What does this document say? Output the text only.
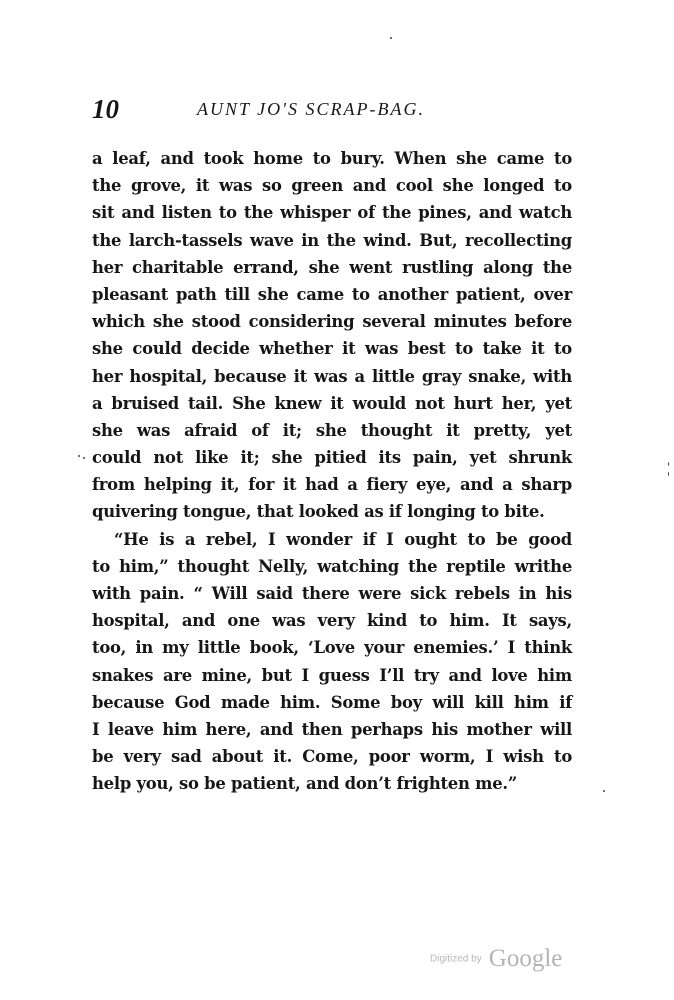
10	AUNT JO'S SCRAP-BAG.
a leaf, and took home to bury. When she came to
the grove, it was so green and cool she longed to
sit and listen to the whisper of the pines, and watch
the larch-tassels wave in the wind. But, recollecting
her charitable errand, she went rustling along the
pleasant path till she came to another patient, over
which she stood considering several minutes before
she could decide whether it was best to take it to
her hospital, because it was a little gray snake, with
a bruised tail. She knew it would not hurt her, yet
she was afraid of it; she thought it pretty, yet
could not like it; she pitied its pain, yet shrunk
from helping it, for it had a fiery eye, and a sharp
quivering tongue, that looked as if longing to bite.
“He is a rebel, I wonder if I ought to be good
to him,” thought Nelly, watching the reptile writhe
with pain. “ Will said there were sick rebels in his
hospital, and one was very kind to him. It says,
too, in my little book, ‘Love your enemies.’ I think
snakes are mine, but I guess I’ll try and love him
because God made him. Some boy will kill him if
I leave him here, and then perhaps his mother will
be very sad about it. Come, poor worm, I wish to
help you, so be patient, and don’t frighten me.”
Digitized by Google
